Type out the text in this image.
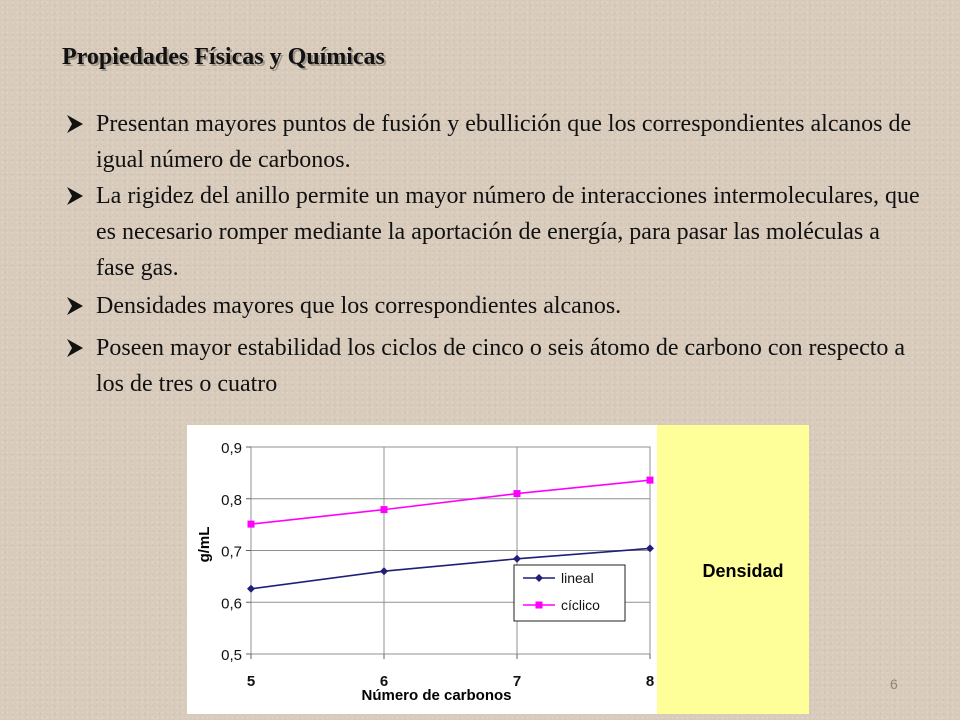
Propiedades Físicas y Químicas
Presentan mayores puntos de fusión y ebullición que los correspondientes alcanos de igual número de carbonos.
La rigidez del anillo permite un mayor número de interacciones intermoleculares, que es necesario romper mediante la aportación de energía, para pasar las moléculas a fase gas.
Densidades mayores que los correspondientes alcanos.
Poseen mayor estabilidad los ciclos de cinco o seis átomo de carbono con respecto a los de tres o cuatro
0,5
0,6
0,7
0,8
0,9
5	6	7	8
g/mL
Número de carbonos
Densidad
lineal
cíclico
6
